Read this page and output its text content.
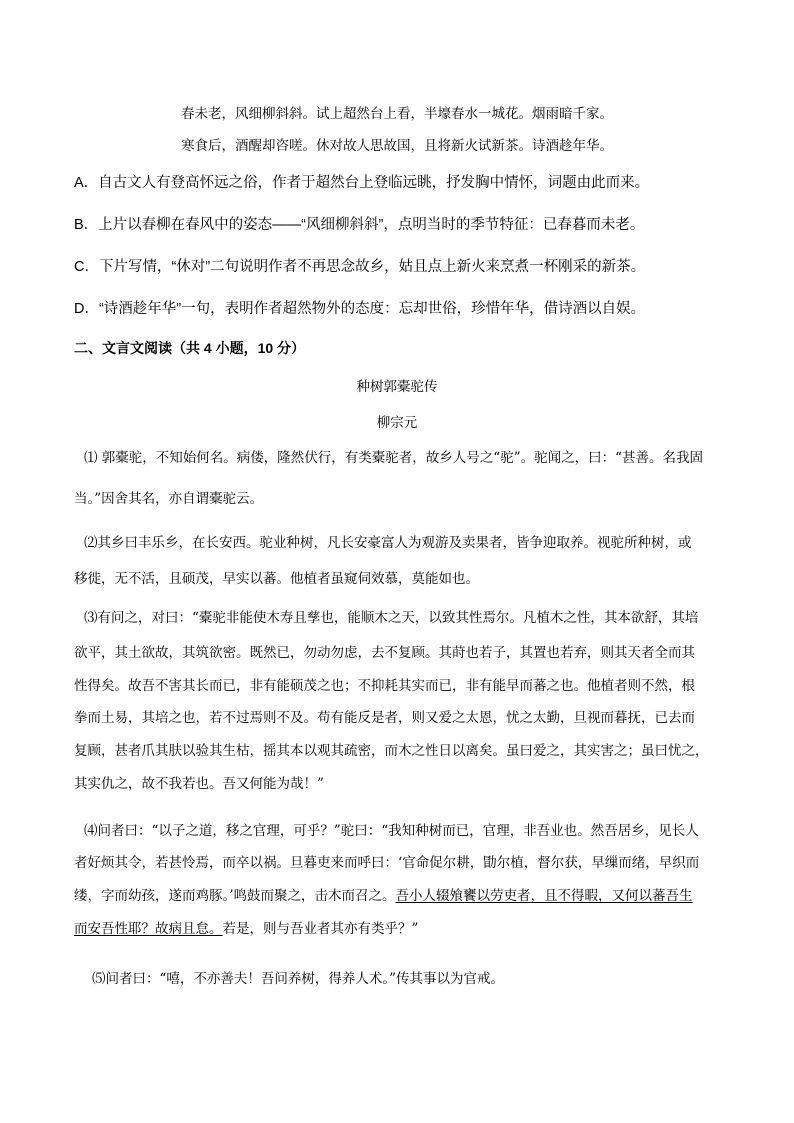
春未老，风细柳斜斜。试上超然台上看，半壕春水一城花。烟雨暗千家。
寒食后，酒醒却咨嗟。休对故人思故国，且将新火试新茶。诗酒趁年华。
A．自古文人有登高怀远之俗，作者于超然台上登临远眺，抒发胸中情怀，词题由此而来。
B．上片以春柳在春风中的姿态——“风细柳斜斜”，点明当时的季节特征：已春暮而未老。
C．下片写情，“休对”二句说明作者不再思念故乡，姑且点上新火来烹煮一杯刚采的新茶。
D．“诗酒趁年华”一句，表明作者超然物外的态度：忘却世俗，珍惜年华，借诗酒以自娱。
二、文言文阅读（共 4 小题，10 分）
种树郭橐驼传
柳宗元
⑴ 郭橐驼，不知始何名。病偻，隆然伏行，有类橐驼者，故乡人号之“驼”。驼闻之，曰：“甚善。名我固
当。”因舍其名，亦自谓橐驼云。
⑵其乡曰丰乐乡，在长安西。驼业种树，凡长安豪富人为观游及卖果者，皆争迎取养。视驼所种树，或
移徙，无不活，且硕茂，早实以蕃。他植者虽窥伺效慕，莫能如也。
⑶有问之，对曰：“橐驼非能使木寿且孳也，能顺木之天，以致其性焉尔。凡植木之性，其本欲舒，其培
欲平，其土欲故，其筑欲密。既然已，勿动勿虑，去不复顾。其莳也若子，其置也若弃，则其天者全而其
性得矣。故吾不害其长而已，非有能硕茂之也；不抑耗其实而已，非有能早而蕃之也。他植者则不然，根
拳而土易，其培之也，若不过焉则不及。苟有能反是者，则又爱之太恩，忧之太勤，旦视而暮抚，已去而
复顾，甚者爪其肤以验其生枯，摇其本以观其疏密，而木之性日以离矣。虽曰爱之，其实害之；虽曰忧之，
其实仇之，故不我若也。吾又何能为哉！”
⑷问者曰：“以子之道，移之官理，可乎？”驼曰：“我知种树而已，官理，非吾业也。然吾居乡，见长人
者好烦其令，若甚怜焉，而卒以祸。旦暮吏来而呼曰：‘官命促尔耕，勖尔植，督尔获，早缫而绪，早织而
缕，字而幼孩，遂而鸡豚。’鸣鼓而聚之，击木而召之。吾小人辍飧饔以劳吏者，且不得暇，又何以蕃吾生
而安吾性耶？故病且怠。若是，则与吾业者其亦有类乎？”
⑸问者曰：“嘻，不亦善夫！吾问养树，得养人术。”传其事以为官戒。
